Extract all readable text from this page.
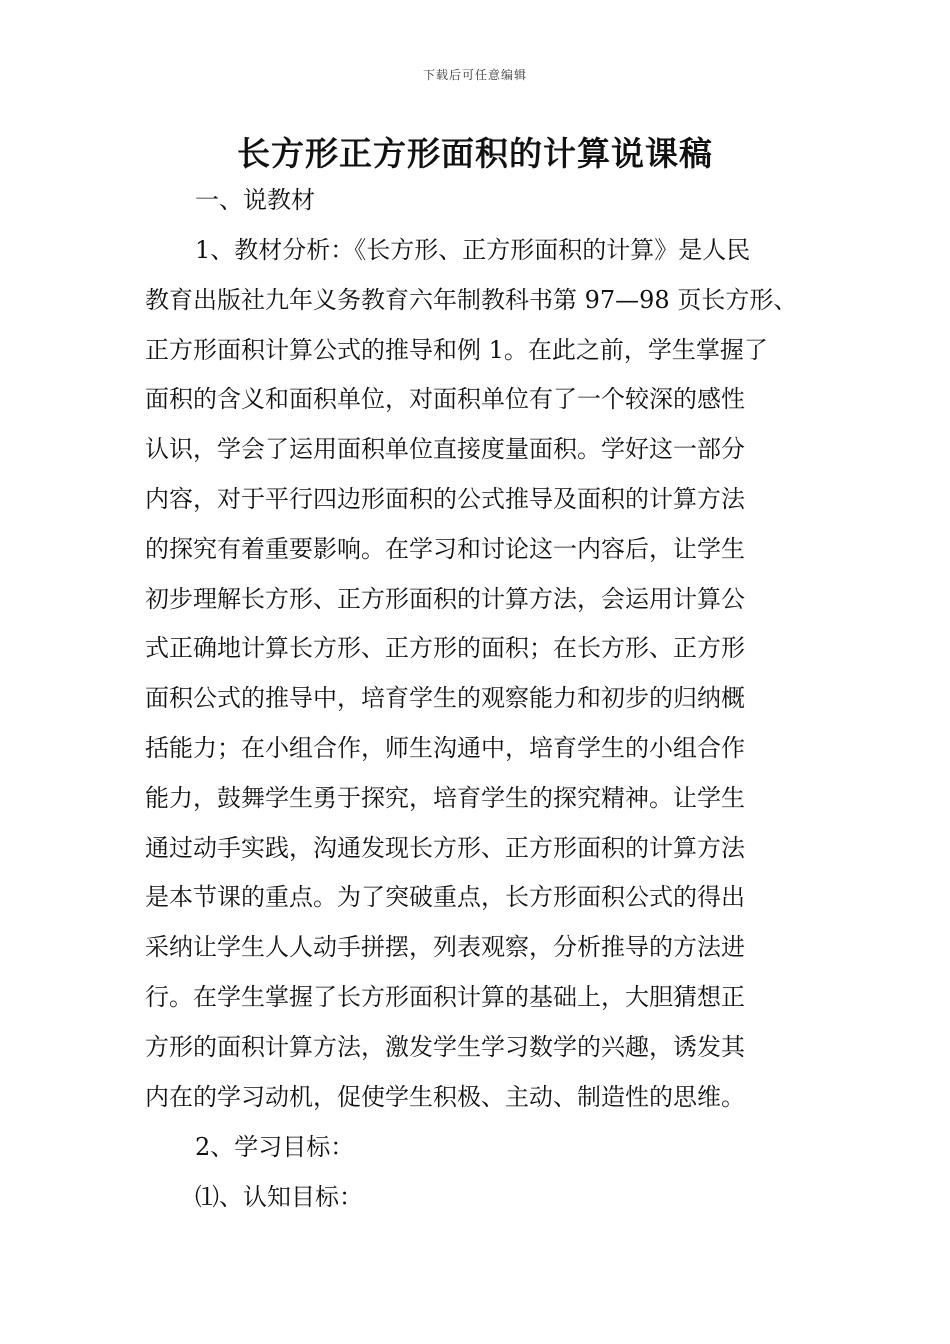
下载后可任意编辑
长方形正方形面积的计算说课稿
一、说教材
1、教材分析：《长方形、正方形面积的计算》是人民
教育出版社九年义务教育六年制教科书第 97—98 页长方形、
正方形面积计算公式的推导和例 1。在此之前，学生掌握了
面积的含义和面积单位，对面积单位有了一个较深的感性
认识，学会了运用面积单位直接度量面积。学好这一部分
内容，对于平行四边形面积的公式推导及面积的计算方法
的探究有着重要影响。在学习和讨论这一内容后，让学生
初步理解长方形、正方形面积的计算方法，会运用计算公
式正确地计算长方形、正方形的面积；在长方形、正方形
面积公式的推导中，培育学生的观察能力和初步的归纳概
括能力；在小组合作，师生沟通中，培育学生的小组合作
能力，鼓舞学生勇于探究，培育学生的探究精神。让学生
通过动手实践，沟通发现长方形、正方形面积的计算方法
是本节课的重点。为了突破重点，长方形面积公式的得出
采纳让学生人人动手拼摆，列表观察，分析推导的方法进
行。在学生掌握了长方形面积计算的基础上，大胆猜想正
方形的面积计算方法，激发学生学习数学的兴趣，诱发其
内在的学习动机，促使学生积极、主动、制造性的思维。
2、学习目标：
⑴、认知目标：
